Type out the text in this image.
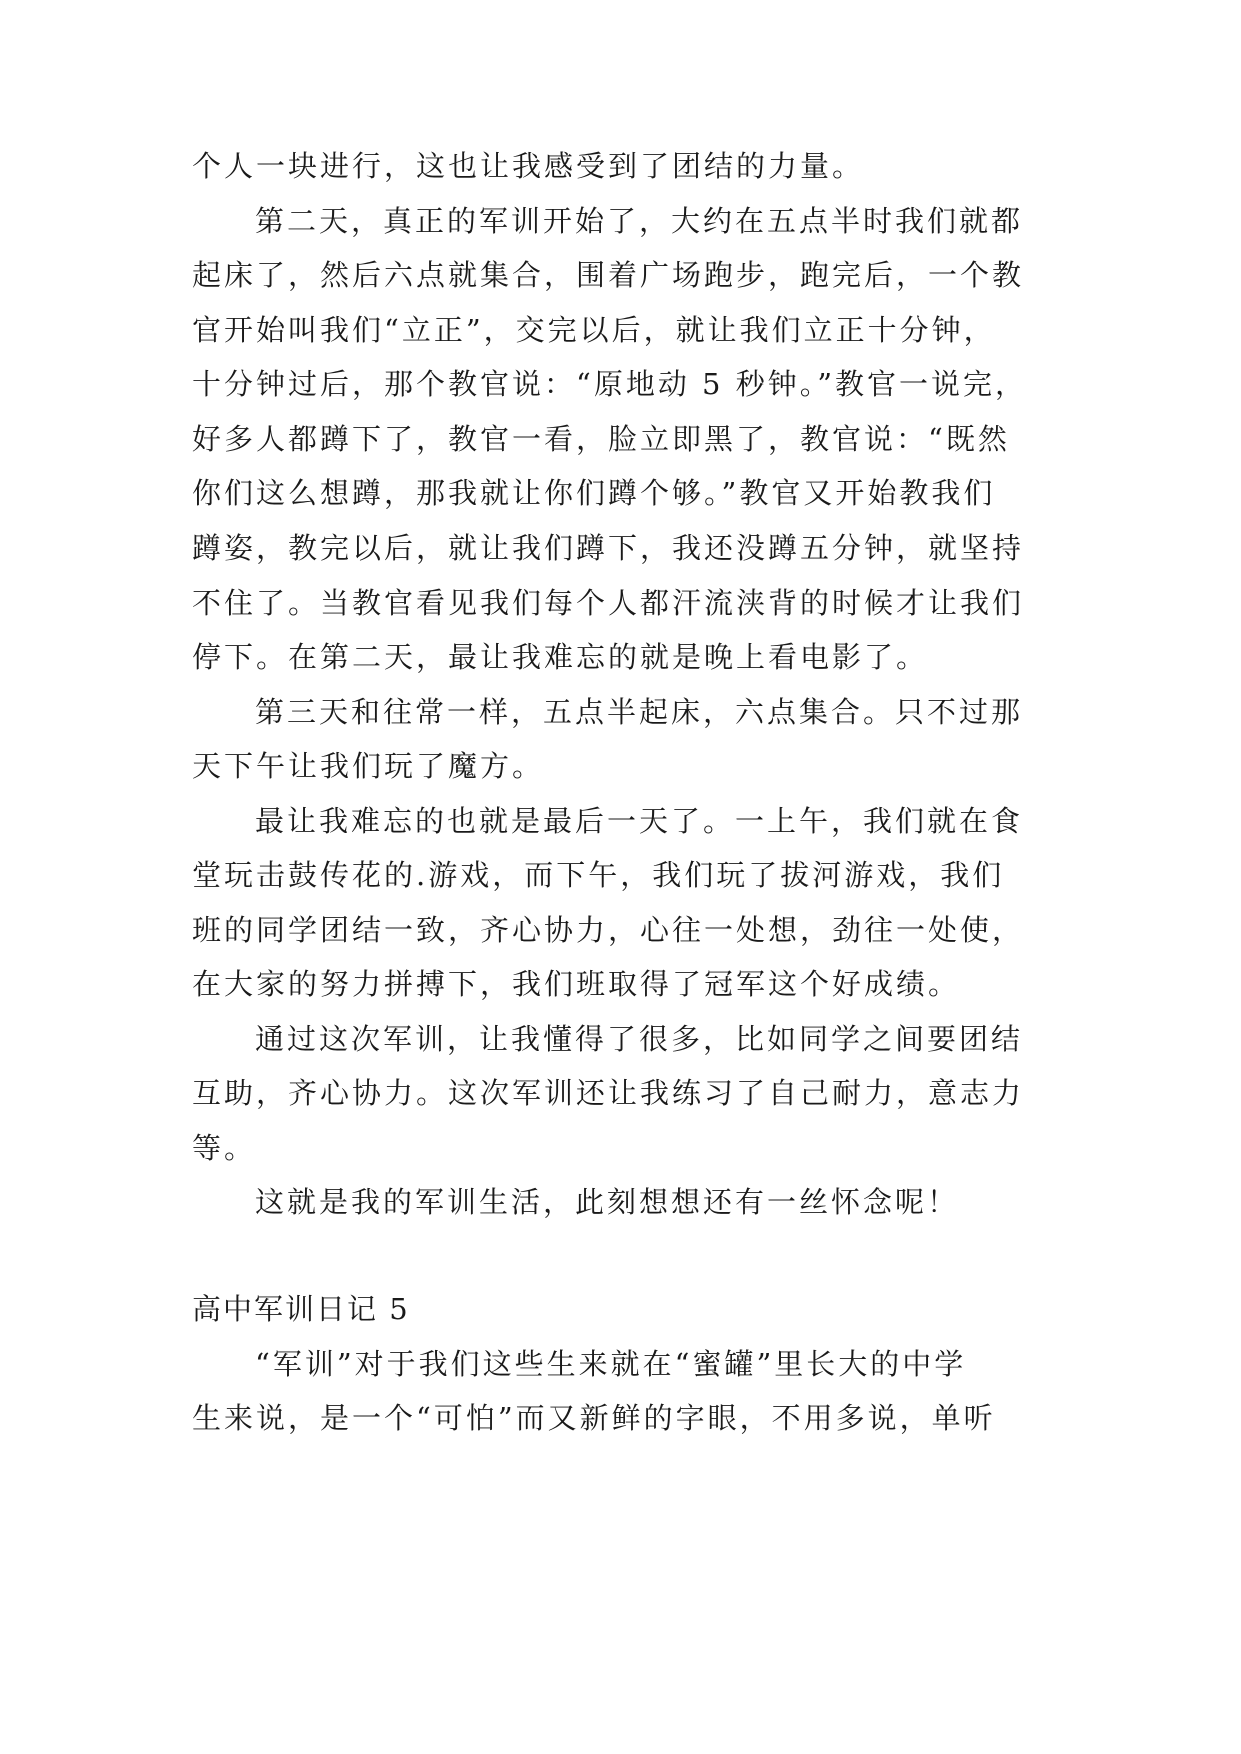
个人一块进行，这也让我感受到了团结的力量。
第二天，真正的军训开始了，大约在五点半时我们就都
起床了，然后六点就集合，围着广场跑步，跑完后，一个教
官开始叫我们“立正”，交完以后，就让我们立正十分钟，
十分钟过后，那个教官说：“原地动 5 秒钟。”教官一说完，
好多人都蹲下了，教官一看，脸立即黑了，教官说：“既然
你们这么想蹲，那我就让你们蹲个够。”教官又开始教我们
蹲姿，教完以后，就让我们蹲下，我还没蹲五分钟，就坚持
不住了。当教官看见我们每个人都汗流浃背的时候才让我们
停下。在第二天，最让我难忘的就是晚上看电影了。
第三天和往常一样，五点半起床，六点集合。只不过那
天下午让我们玩了魔方。
最让我难忘的也就是最后一天了。一上午，我们就在食
堂玩击鼓传花的.游戏，而下午，我们玩了拔河游戏，我们
班的同学团结一致，齐心协力，心往一处想，劲往一处使，
在大家的努力拼搏下，我们班取得了冠军这个好成绩。
通过这次军训，让我懂得了很多，比如同学之间要团结
互助，齐心协力。这次军训还让我练习了自己耐力，意志力
等。
这就是我的军训生活，此刻想想还有一丝怀念呢！
高中军训日记 5
“军训”对于我们这些生来就在“蜜罐”里长大的中学
生来说，是一个“可怕”而又新鲜的字眼，不用多说，单听
